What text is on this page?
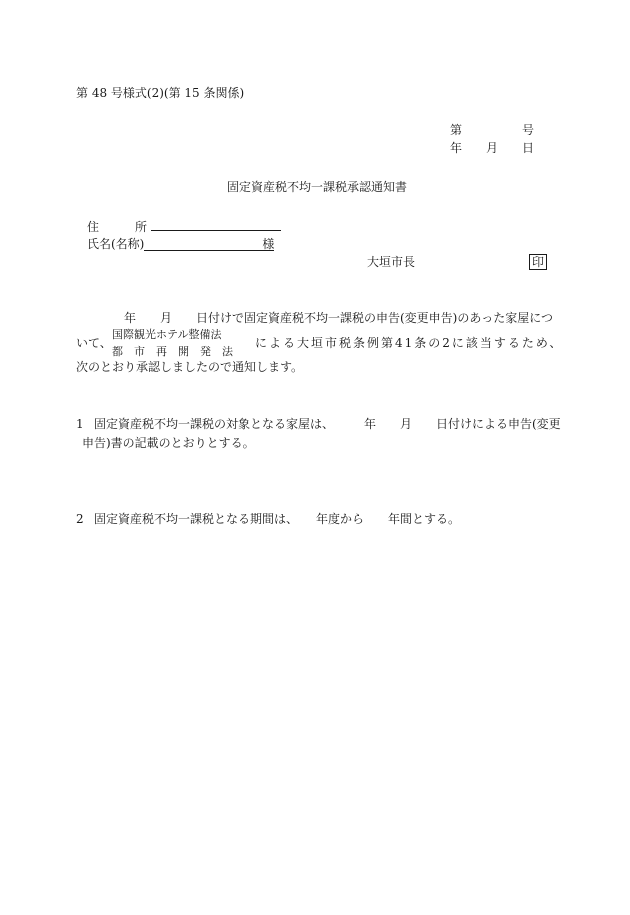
第 48 号様式(2)(第 15 条関係)
第	号
年 月 日
固定資産税不均一課税承認通知書
住　　　所
氏名(名称)	様
大垣市長	印
年　　月　　日付けで固定資産税不均一課税の申告(変更申告)のあった家屋につ
いて、
国際観光ホテル整備法
都　市　再　開　発　法
による大垣市税条例第41条の2に該当するため、
次のとおり承認しましたので通知します。
1 固定資産税不均一課税の対象となる家屋は、　　　年　　月　　日付けによる申告(変更
申告)書の記載のとおりとする。
2 固定資産税不均一課税となる期間は、　　年度から　　年間とする。
